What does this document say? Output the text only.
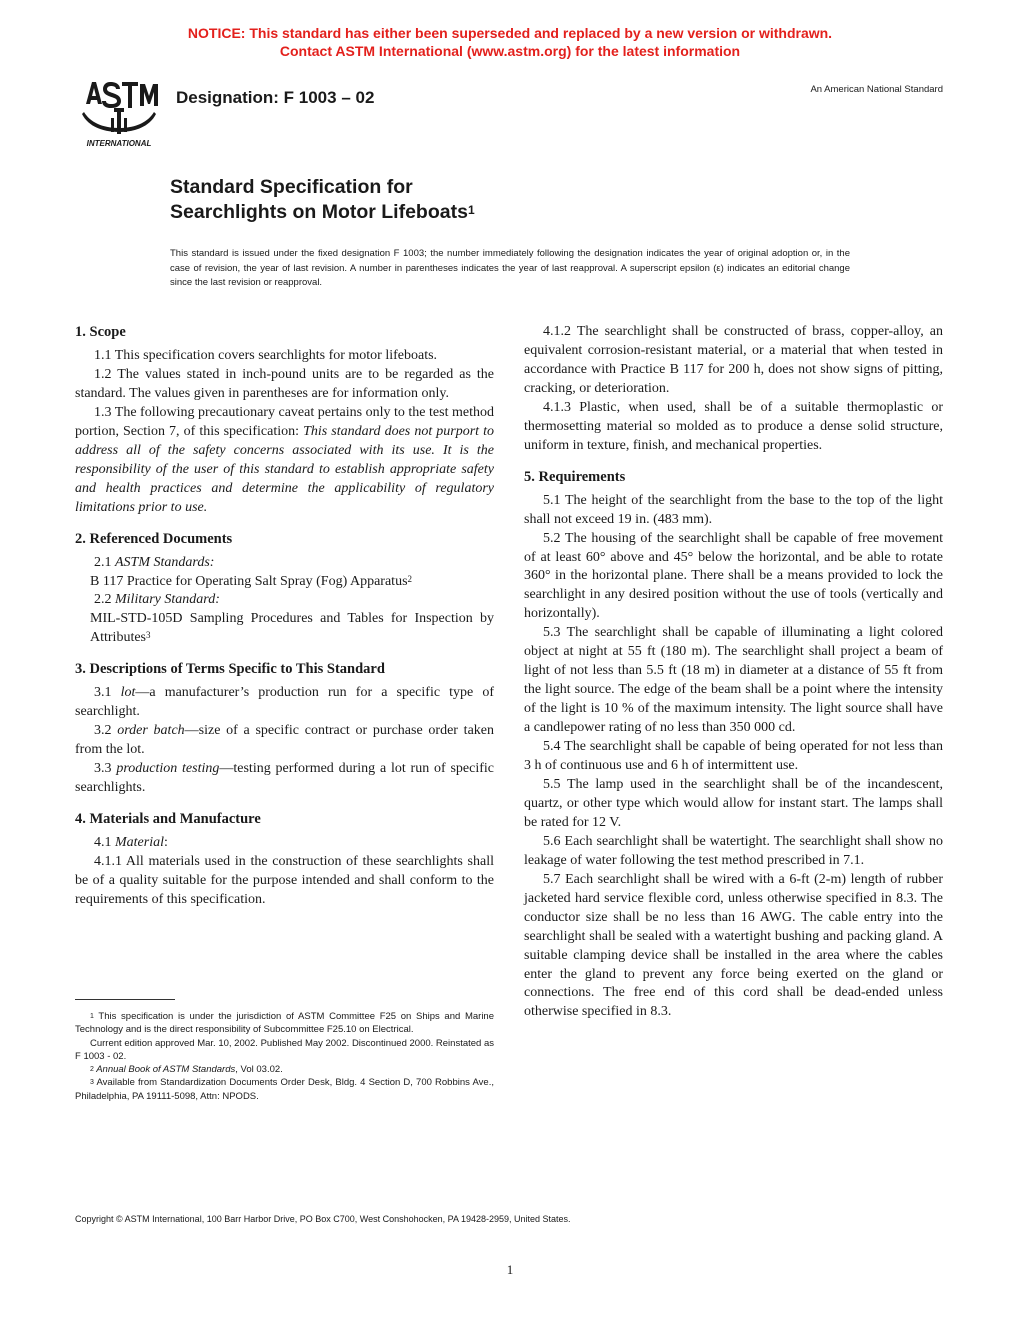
NOTICE: This standard has either been superseded and replaced by a new version or withdrawn.
Contact ASTM International (www.astm.org) for the latest information
INTERNATIONAL
Designation: F 1003 – 02	An American National Standard
Standard Specification for
Searchlights on Motor Lifeboats$^1$
This standard is issued under the fixed designation F 1003; the number immediately following the designation indicates the year of original adoption or, in the case of revision, the year of last revision. A number in parentheses indicates the year of last reapproval. A superscript epsilon (ε) indicates an editorial change since the last revision or reapproval.
1. Scope

1.1 This specification covers searchlights for motor lifeboats.

1.2 The values stated in inch-pound units are to be regarded as the standard. The values given in parentheses are for information only.

1.3 The following precautionary caveat pertains only to the test method portion, Section 7, of this specification: This standard does not purport to address all of the safety concerns associated with its use. It is the responsibility of the user of this standard to establish appropriate safety and health practices and determine the applicability of regulatory limitations prior to use.

2. Referenced Documents

2.1 ASTM Standards:

B 117 Practice for Operating Salt Spray (Fog) Apparatus$^2$

2.2 Military Standard:

MIL-STD-105D Sampling Procedures and Tables for Inspection by Attributes$^3$

3. Descriptions of Terms Specific to This Standard

3.1 lot—a manufacturer’s production run for a specific type of searchlight.

3.2 order batch—size of a specific contract or purchase order taken from the lot.

3.3 production testing—testing performed during a lot run of specific searchlights.

4. Materials and Manufacture

4.1 Material:

4.1.1 All materials used in the construction of these searchlights shall be of a quality suitable for the purpose intended and shall conform to the requirements of this specification.

4.1.2 The searchlight shall be constructed of brass, copper-alloy, an equivalent corrosion-resistant material, or a material that when tested in accordance with Practice B 117 for 200 h, does not show signs of pitting, cracking, or deterioration.

4.1.3 Plastic, when used, shall be of a suitable thermoplastic or thermosetting material so molded as to produce a dense solid structure, uniform in texture, finish, and mechanical properties.

5. Requirements

5.1 The height of the searchlight from the base to the top of the light shall not exceed 19 in. (483 mm).

5.2 The housing of the searchlight shall be capable of free movement of at least 60° above and 45° below the horizontal, and be able to rotate 360° in the horizontal plane. There shall be a means provided to lock the searchlight in any desired position without the use of tools (vertically and horizontally).

5.3 The searchlight shall be capable of illuminating a light colored object at night at 55 ft (180 m). The searchlight shall project a beam of light of not less than 5.5 ft (18 m) in diameter at a distance of 55 ft from the light source. The edge of the beam shall be a point where the intensity of the light is 10 % of the maximum intensity. The light source shall have a candlepower rating of no less than 350 000 cd.

5.4 The searchlight shall be capable of being operated for not less than 3 h of continuous use and 6 h of intermittent use.

5.5 The lamp used in the searchlight shall be of the incandescent, quartz, or other type which would allow for instant start. The lamps shall be rated for 12 V.

5.6 Each searchlight shall be watertight. The searchlight shall show no leakage of water following the test method prescribed in 7.1.

5.7 Each searchlight shall be wired with a 6-ft (2-m) length of rubber jacketed hard service flexible cord, unless otherwise specified in 8.3. The conductor size shall be no less than 16 AWG. The cable entry into the searchlight shall be sealed with a watertight bushing and packing gland. A suitable clamping device shall be installed in the area where the cables enter the gland to prevent any force being exerted on the gland or connections. The free end of this cord shall be dead-ended unless otherwise specified in 8.3.

$^1$ This specification is under the jurisdiction of ASTM Committee F25 on Ships and Marine Technology and is the direct responsibility of Subcommittee F25.10 on Electrical.

Current edition approved Mar. 10, 2002. Published May 2002. Discontinued 2000. Reinstated as F 1003 - 02.

$^2$ Annual Book of ASTM Standards, Vol 03.02.

$^3$ Available from Standardization Documents Order Desk, Bldg. 4 Section D, 700 Robbins Ave., Philadelphia, PA 19111-5098, Attn: NPODS.

Copyright © ASTM International, 100 Barr Harbor Drive, PO Box C700, West Conshohocken, PA 19428-2959, United States.
1
